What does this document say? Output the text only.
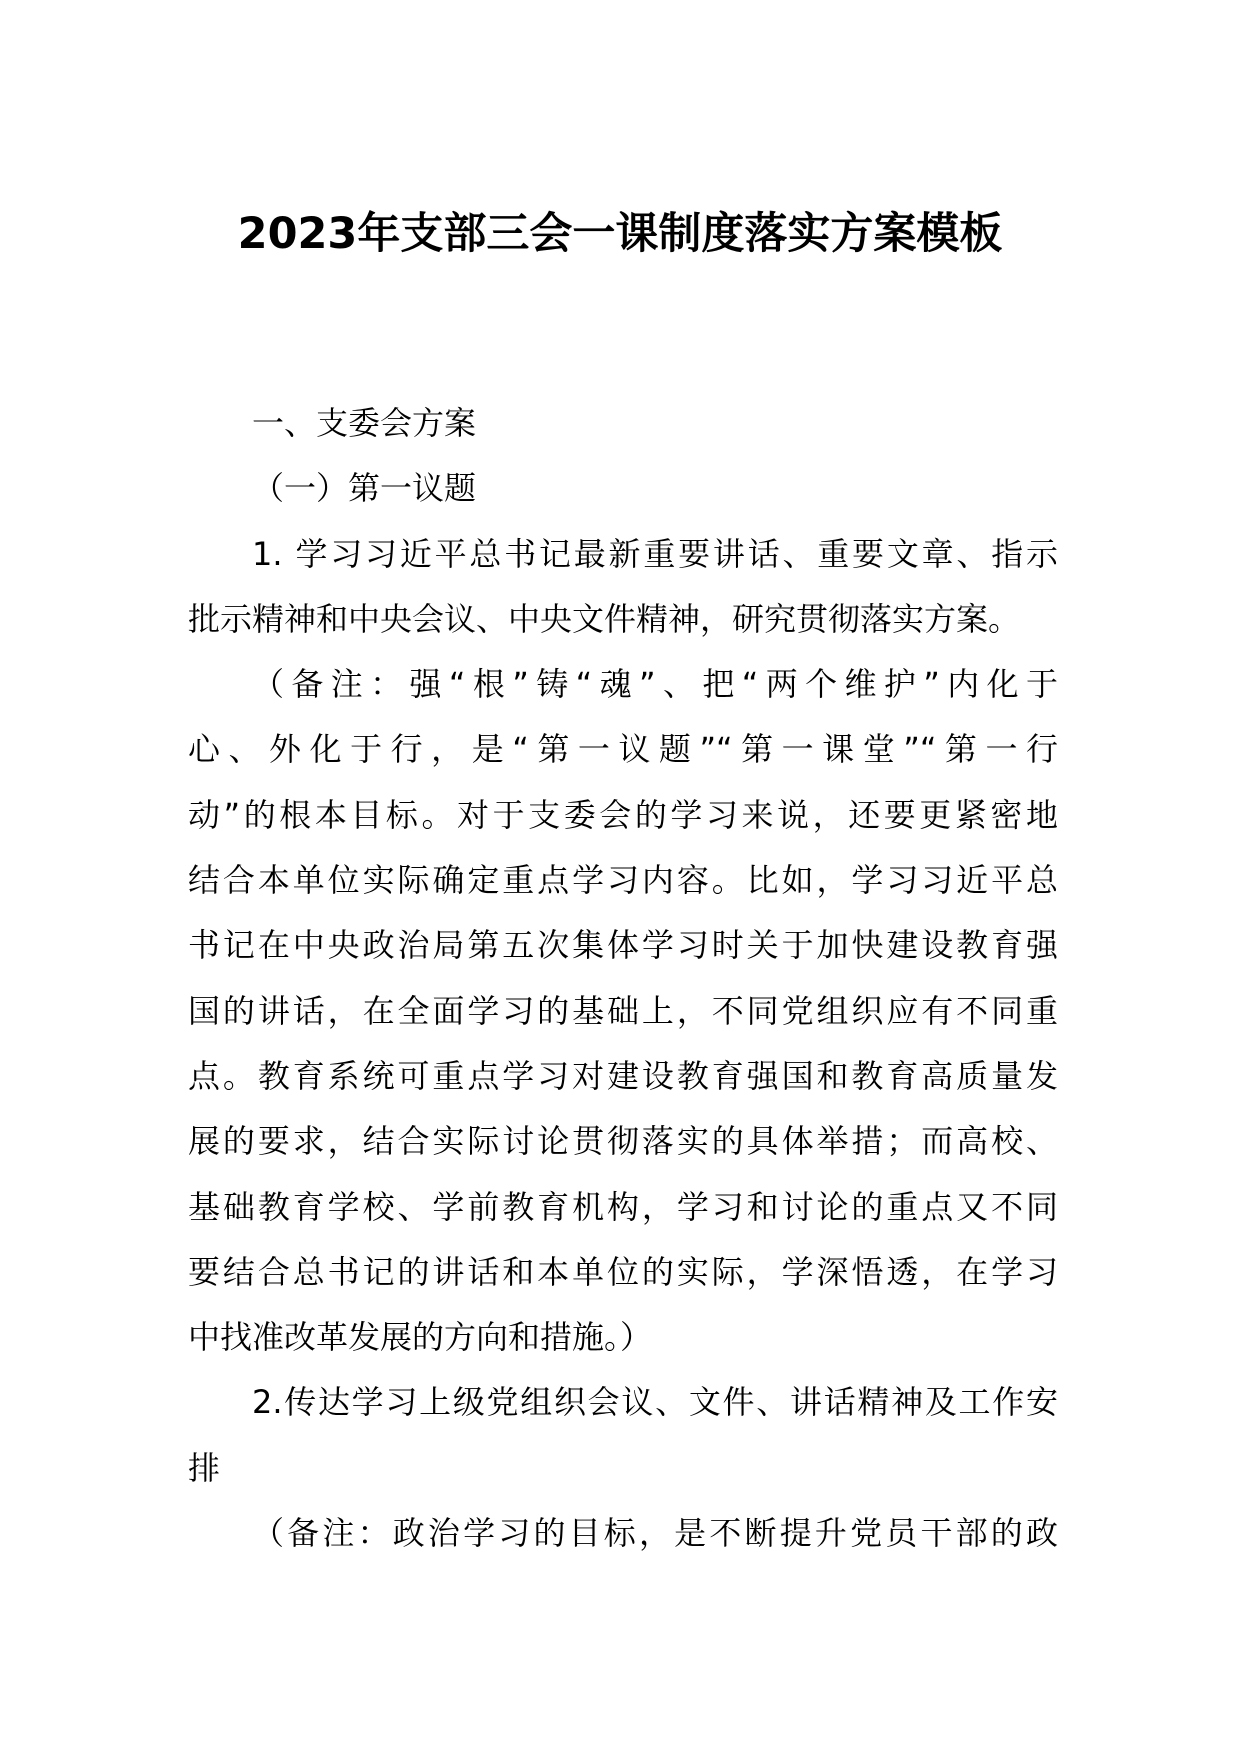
2023年支部三会一课制度落实方案模板
一、支委会方案
（一）第一议题
1. 学习习近平总书记最新重要讲话、重要文章、指示
批示精神和中央会议、中央文件精神，研究贯彻落实方案。
（备注：强“根”铸“魂”、把“两个维护”内化于
心、外化于行，是“第一议题”“第一课堂”“第一行
动”的根本目标。对于支委会的学习来说，还要更紧密地
结合本单位实际确定重点学习内容。比如，学习习近平总
书记在中央政治局第五次集体学习时关于加快建设教育强
国的讲话，在全面学习的基础上，不同党组织应有不同重
点。教育系统可重点学习对建设教育强国和教育高质量发
展的要求，结合实际讨论贯彻落实的具体举措；而高校、
基础教育学校、学前教育机构，学习和讨论的重点又不同
要结合总书记的讲话和本单位的实际，学深悟透，在学习
中找准改革发展的方向和措施。）
2.传达学习上级党组织会议、文件、讲话精神及工作安
排
（备注：政治学习的目标，是不断提升党员干部的政
